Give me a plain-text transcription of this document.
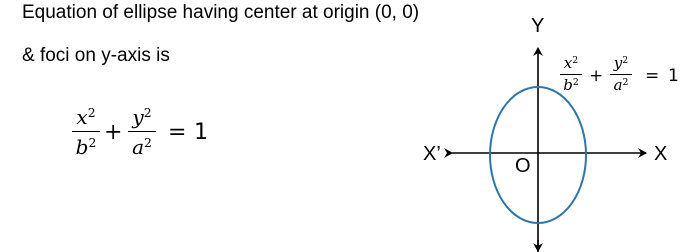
Equation of ellipse having center at origin (0, 0)
& foci on y-axis is
$x^2$
$b^2$ +
$y^2$
$a^2 = 1$
$x^2$
$b^2$ +
$y^2$
$a^2 = 1$
Y
X
X’
O
